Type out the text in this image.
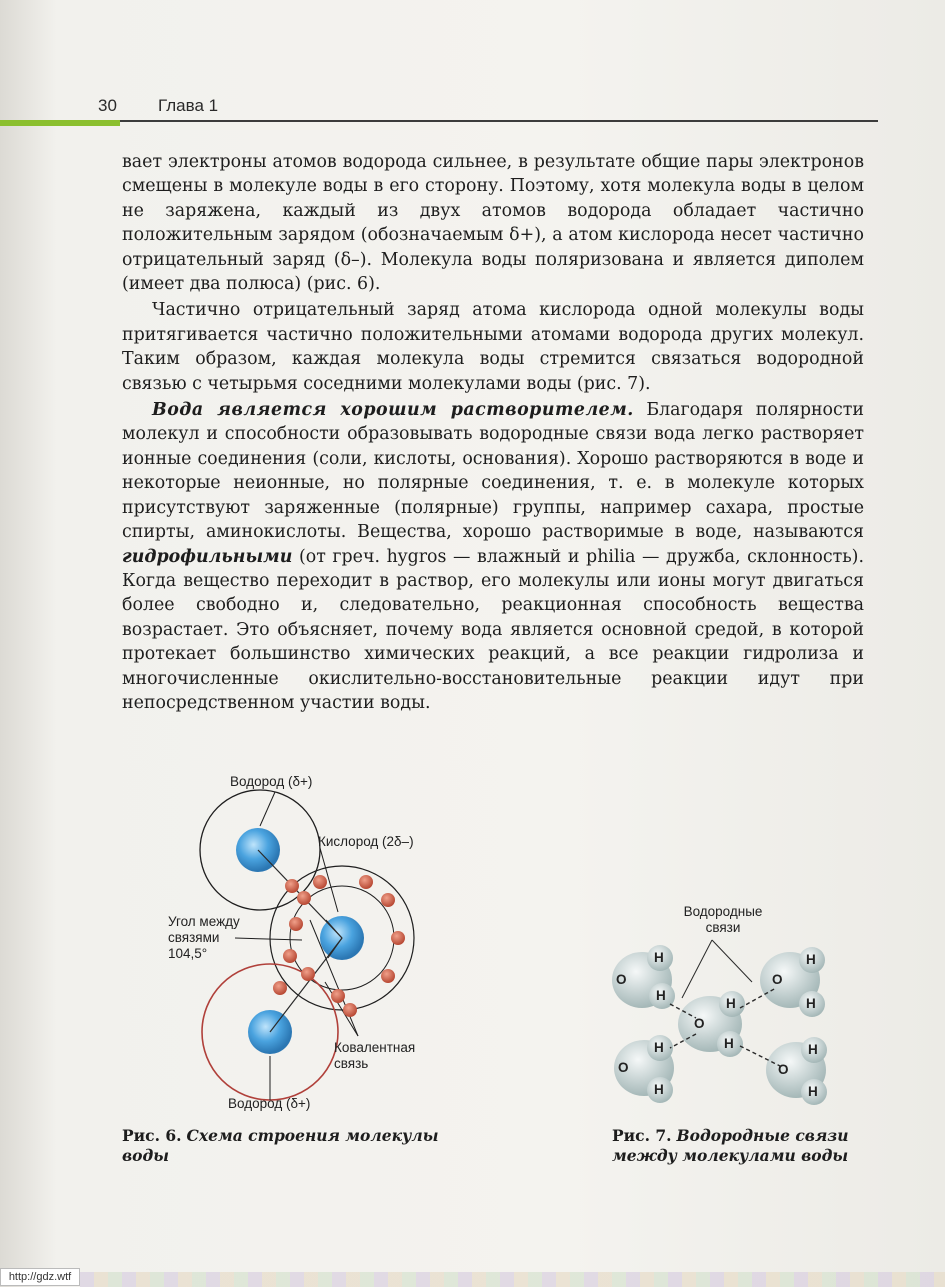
30 Глава 1

вает электроны атомов водорода сильнее, в результате общие пары электронов смещены в молекуле воды в его сторону. Поэтому, хотя молекула воды в целом не заряжена, каждый из двух атомов водорода обладает частично положительным зарядом (обозначаемым δ+), а атом кислорода несет частично отрицательный заряд (δ–). Молекула воды поляризована и является диполем (имеет два полюса) (рис. 6).

Частично отрицательный заряд атома кислорода одной молекулы воды притягивается частично положительными атомами водорода других молекул. Таким образом, каждая молекула воды стремится связаться водородной связью с четырьмя соседними молекулами воды (рис. 7).

Вода является хорошим растворителем. Благодаря полярности молекул и способности образовывать водородные связи вода легко растворяет ионные соединения (соли, кислоты, основания). Хорошо растворяются в воде и некоторые неионные, но полярные соединения, т. е. в молекуле которых присутствуют заряженные (полярные) группы, например сахара, простые спирты, аминокислоты. Вещества, хорошо растворимые в воде, называются гидрофильными (от греч. hygros — влажный и philia — дружба, склонность). Когда вещество переходит в раствор, его молекулы или ионы могут двигаться более свободно и, следовательно, реакционная способность вещества возрастает. Это объясняет, почему вода является основной средой, в которой протекает большинство химических реакций, а все реакции гидролиза и многочисленные окислительно-восстановительные реакции идут при непосредственном участии воды.

Водород (δ+)
Кислород (2δ–)
Угол между связями 104,5°
Ковалентная связь
Водород (δ+)
Водородные связи
O
H
H
O
H
H
O
H
H
O
H
H
O
H
H
Рис. 6. Схема строения молекулы воды
Рис. 7. Водородные связи между молекулами воды
http://gdz.wtf
